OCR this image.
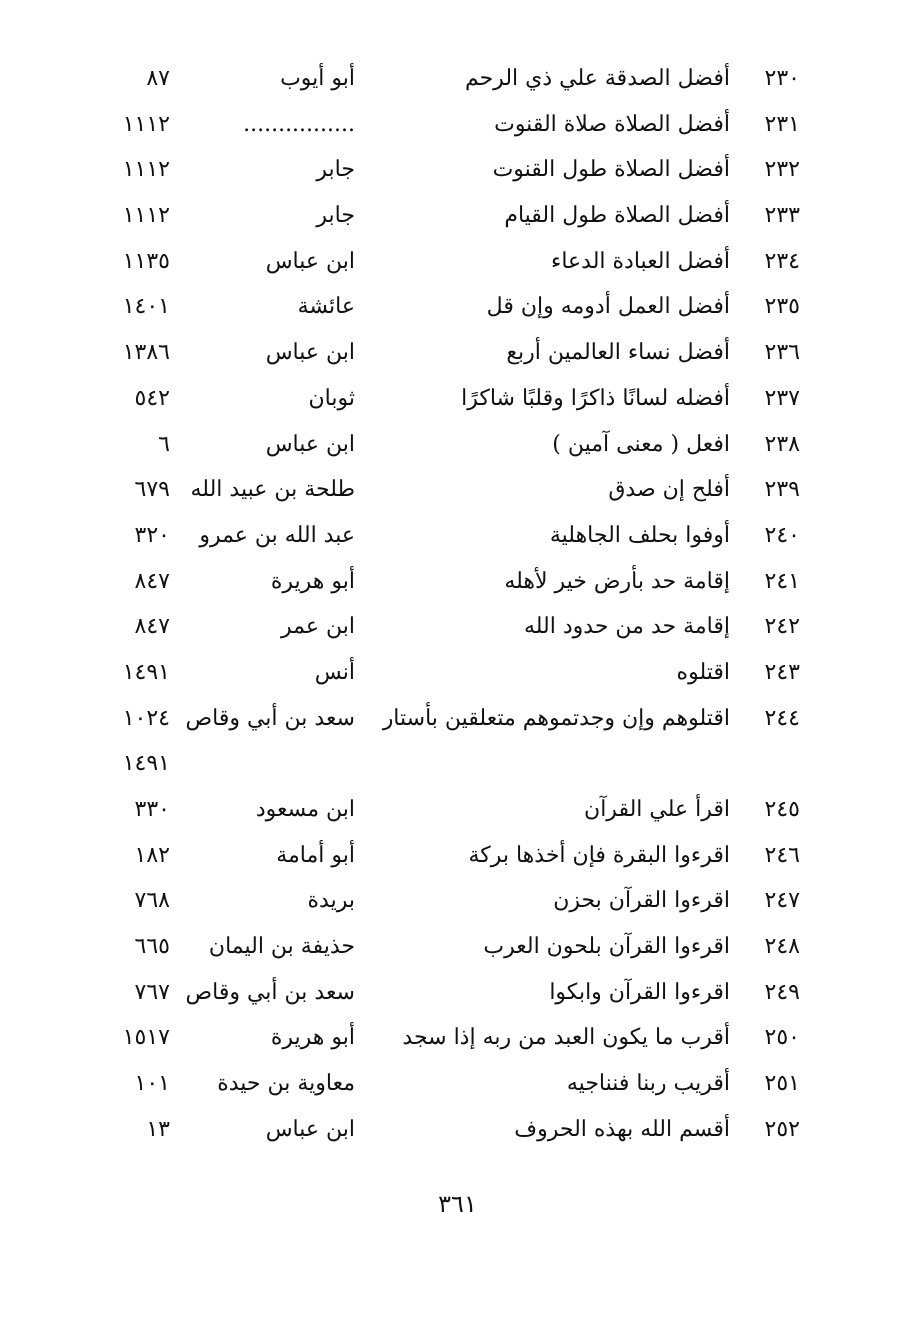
٢٣٠
أفضل الصدقة علي ذي الرحم
أبو أيوب
٨٧
٢٣١
أفضل الصلاة صلاة القنوت
................
١١١٢
٢٣٢
أفضل الصلاة طول القنوت
جابر
١١١٢
٢٣٣
أفضل الصلاة طول القيام
جابر
١١١٢
٢٣٤
أفضل العبادة الدعاء
ابن عباس
١١٣٥
٢٣٥
أفضل العمل أدومه وإن قل
عائشة
١٤٠١
٢٣٦
أفضل نساء العالمين أربع
ابن عباس
١٣٨٦
٢٣٧
أفضله لسانًا ذاكرًا وقلبًا شاكرًا
ثوبان
٥٤٢
٢٣٨
افعل ( معنى آمين )
ابن عباس
٦
٢٣٩
أفلح إن صدق
طلحة بن عبيد الله
٦٧٩
٢٤٠
أوفوا بحلف الجاهلية
عبد الله بن عمرو
٣٢٠
٢٤١
إقامة حد بأرض خير لأهله
أبو هريرة
٨٤٧
٢٤٢
إقامة حد من حدود الله
ابن عمر
٨٤٧
٢٤٣
اقتلوه
أنس
١٤٩١
٢٤٤
اقتلوهم وإن وجدتموهم متعلقين بأستار
سعد بن أبي وقاص
١٠٢٤
١٤٩١
٢٤٥
اقرأ علي القرآن
ابن مسعود
٣٣٠
٢٤٦
اقرءوا البقرة فإن أخذها بركة
أبو أمامة
١٨٢
٢٤٧
اقرءوا القرآن بحزن
بريدة
٧٦٨
٢٤٨
اقرءوا القرآن بلحون العرب
حذيفة بن اليمان
٦٦٥
٢٤٩
اقرءوا القرآن وابكوا
سعد بن أبي وقاص
٧٦٧
٢٥٠
أقرب ما يكون العبد من ربه إذا سجد
أبو هريرة
١٥١٧
٢٥١
أقريب ربنا فنناجيه
معاوية بن حيدة
١٠١
٢٥٢
أقسم الله بهذه الحروف
ابن عباس
١٣
٣٦١
